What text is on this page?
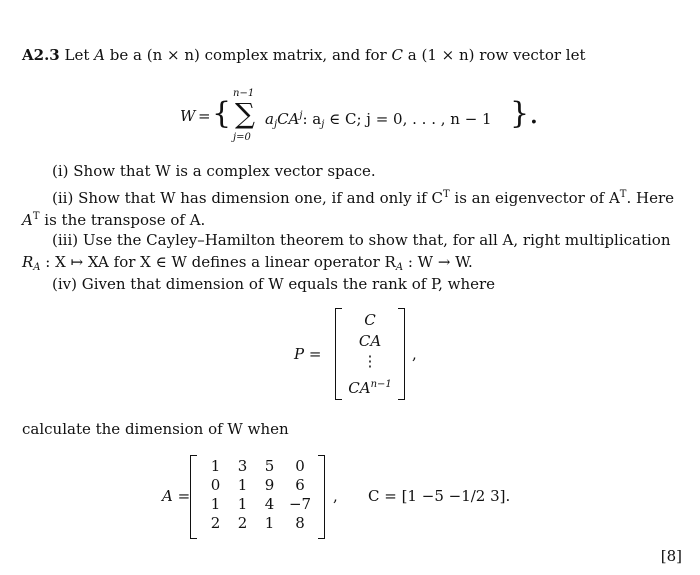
A2.3 Let A be a (n × n) complex matrix, and for C a (1 × n) row vector let
W = {
n−1
∑
j=0
$a_jCA^j$: $a_j$ ∈ C; j = 0, . . . , n − 1 }.
(i) Show that W is a complex vector space.
(ii) Show that W has dimension one, if and only if $C^T$ is an eigenvector of $A^T$. Here
$A^T$ is the transpose of A.
(iii) Use the Cayley–Hamilton theorem to show that, for all A, right multiplication
$R_A$ : X ↦ XA for X ∈ W defines a linear operator $R_A$ : W → W.
(iv) Given that dimension of W equals the rank of P, where
P =
C
CA
⋮
$CA^{n-1}$
,
calculate the dimension of W when
A =
1	3	5	0
0	1	9	6
1	1	4 −7
2	2	1	8
, C = [1 −5 −1/2 3].
[8]
